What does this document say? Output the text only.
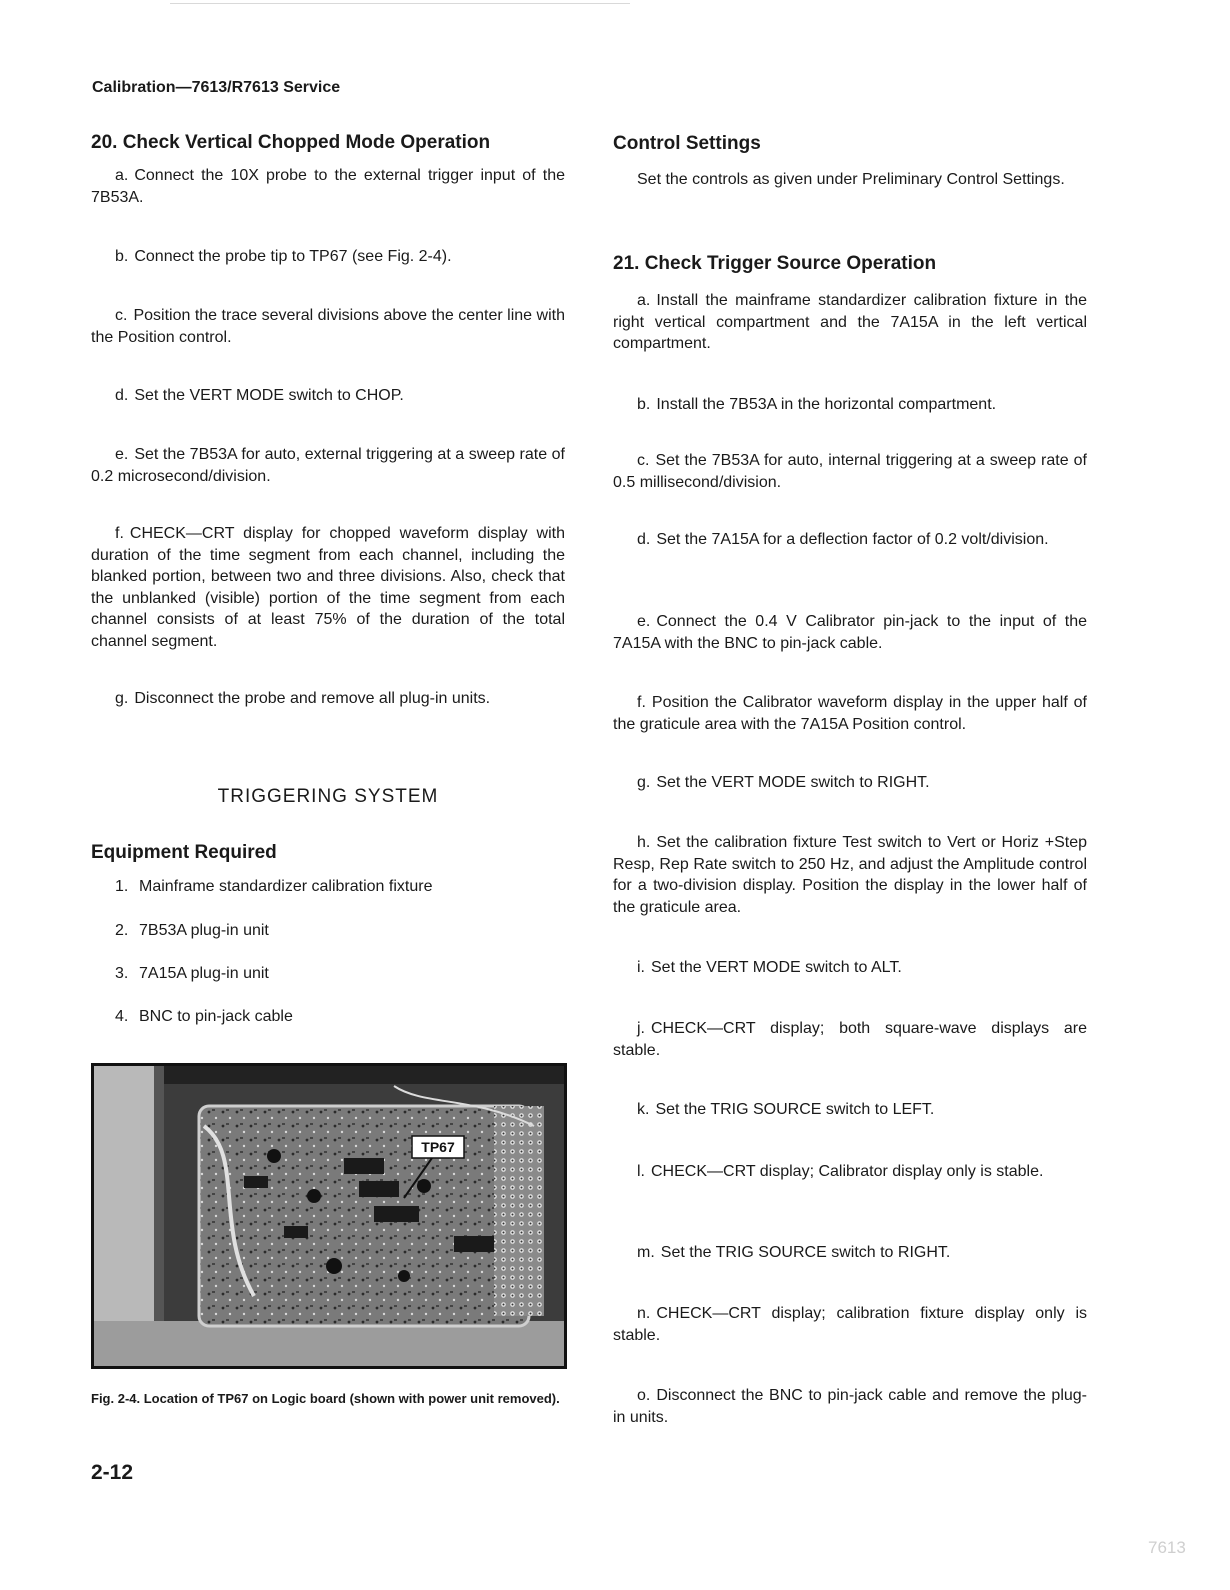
Calibration—7613/R7613 Service
20. Check Vertical Chopped Mode Operation

a. Connect the 10X probe to the external trigger input of the 7B53A.

b. Connect the probe tip to TP67 (see Fig. 2-4).

c. Position the trace several divisions above the center line with the Position control.

d. Set the VERT MODE switch to CHOP.

e. Set the 7B53A for auto, external triggering at a sweep rate of 0.2 microsecond/division.

f. CHECK—CRT display for chopped waveform display with duration of the time segment from each channel, including the blanked portion, between two and three divisions. Also, check that the unblanked (visible) portion of the time segment from each channel consists of at least 75% of the duration of the total channel segment.

g. Disconnect the probe and remove all plug-in units.

TRIGGERING SYSTEM
Equipment Required
1. Mainframe standardizer calibration fixture
2. 7B53A plug-in unit
3. 7A15A plug-in unit
4. BNC to pin-jack cable
TP67
Fig. 2-4. Location of TP67 on Logic board (shown with power unit removed).
Control Settings

Set the controls as given under Preliminary Control Settings.

21. Check Trigger Source Operation

a. Install the mainframe standardizer calibration fixture in the right vertical compartment and the 7A15A in the left vertical compartment.

b. Install the 7B53A in the horizontal compartment.

c. Set the 7B53A for auto, internal triggering at a sweep rate of 0.5 millisecond/division.

d. Set the 7A15A for a deflection factor of 0.2 volt/division.

e. Connect the 0.4 V Calibrator pin-jack to the input of the 7A15A with the BNC to pin-jack cable.

f. Position the Calibrator waveform display in the upper half of the graticule area with the 7A15A Position control.

g. Set the VERT MODE switch to RIGHT.

h. Set the calibration fixture Test switch to Vert or Horiz +Step Resp, Rep Rate switch to 250 Hz, and adjust the Amplitude control for a two-division display. Position the display in the lower half of the graticule area.

i. Set the VERT MODE switch to ALT.

j. CHECK—CRT display; both square-wave displays are stable.

k. Set the TRIG SOURCE switch to LEFT.

l. CHECK—CRT display; Calibrator display only is stable.

m. Set the TRIG SOURCE switch to RIGHT.

n. CHECK—CRT display; calibration fixture display only is stable.

o. Disconnect the BNC to pin-jack cable and remove the plug-in units.

2-12
7613
